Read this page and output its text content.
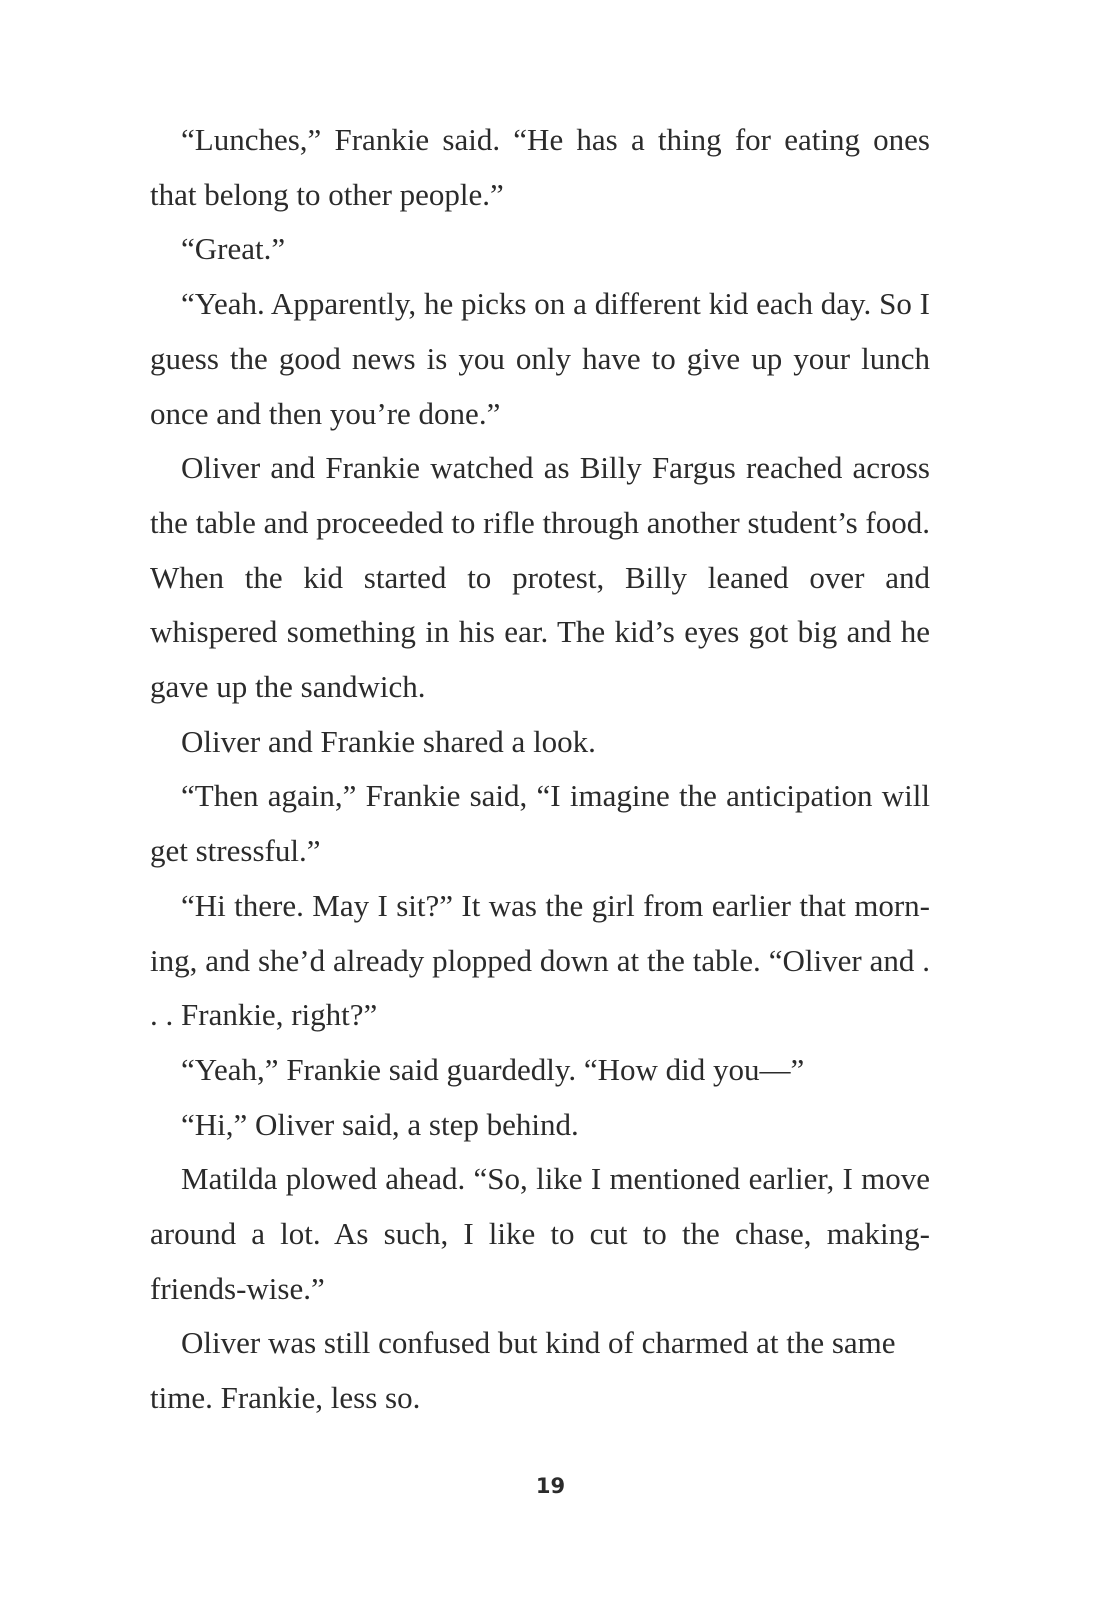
“Lunches,” Frankie said. “He has a thing for eating ones that belong to other people.”

“Great.”

“Yeah. Apparently, he picks on a different kid each day. So I guess the good news is you only have to give up your lunch once and then you’re done.”

Oliver and Frankie watched as Billy Fargus reached across the table and proceeded to rifle through another student’s food. When the kid started to protest, Billy leaned over and whispered something in his ear. The kid’s eyes got big and he gave up the sandwich.

Oliver and Frankie shared a look.

“Then again,” Frankie said, “I imagine the anticipation will get stressful.”

“Hi there. May I sit?” It was the girl from earlier that morning, and she’d already plopped down at the table. “Oliver and . . . Frankie, right?”

“Yeah,” Frankie said guardedly. “How did you—”

“Hi,” Oliver said, a step behind.

Matilda plowed ahead. “So, like I mentioned earlier, I move around a lot. As such, I like to cut to the chase, making-friends-wise.”

Oliver was still confused but kind of charmed at the same time. Frankie, less so.

19
